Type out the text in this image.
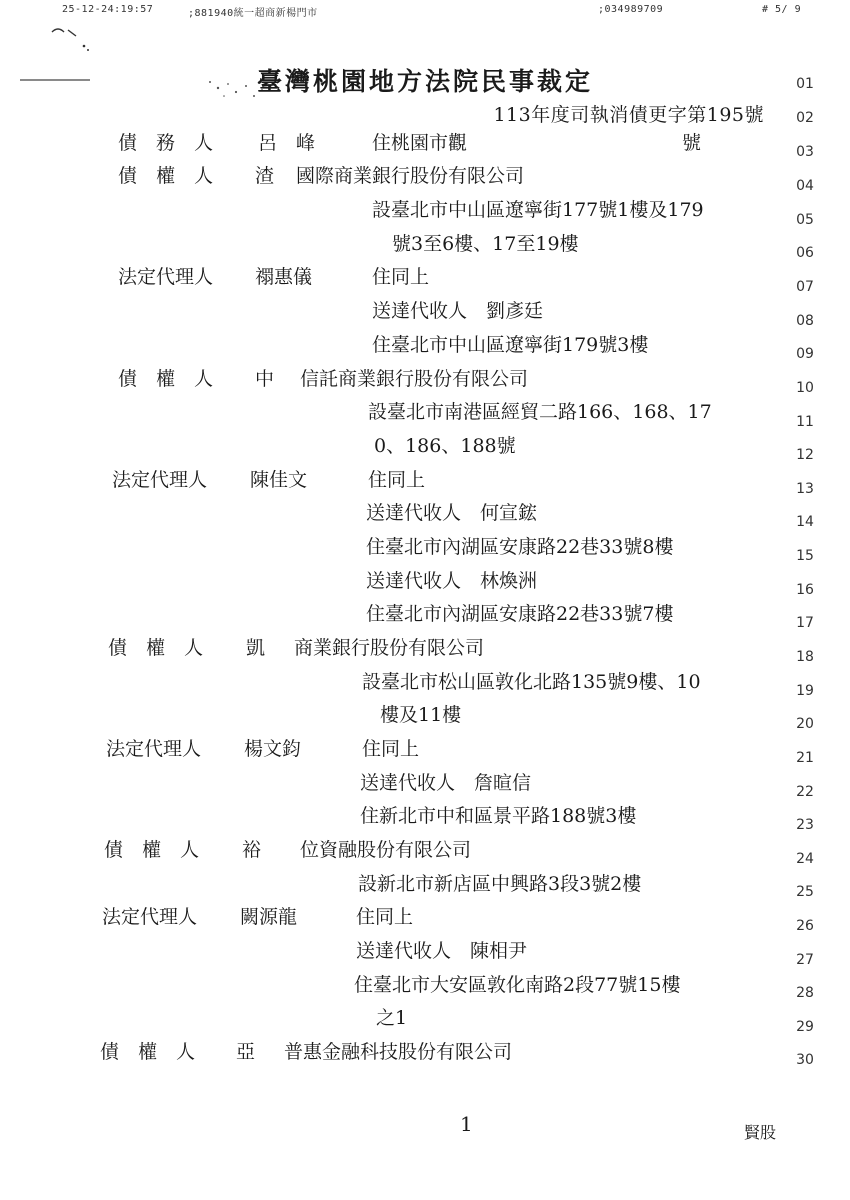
25-12-24:19:57	;881940統一超商新楊門市	;034989709	# 5/ 9
臺灣桃園地方法院民事裁定
113年度司執消債更字第195號
01
02
03
04
05
06
07
08
09
10
11
12
13
14
15
16
17
18
19
20
21
22
23
24
25
26
27
28
29
30
債　務　人 呂　峰	住桃園市觀	號
債　權　人 渣 國際商業銀行股份有限公司
設臺北市中山區遼寧街177號1樓及179
號3至6樓、17至19樓
法定代理人 禤惠儀	住同上
送達代收人　劉彥廷
住臺北市中山區遼寧街179號3樓
債　權　人 中 信託商業銀行股份有限公司
設臺北市南港區經貿二路166、168、17
0、186、188號
法定代理人 陳佳文	住同上
送達代收人　何宣鋐
住臺北市內湖區安康路22巷33號8樓
送達代收人　林煥洲
住臺北市內湖區安康路22巷33號7樓
債　權　人 凱 商業銀行股份有限公司
設臺北市松山區敦化北路135號9樓、10
樓及11樓
法定代理人 楊文鈞	住同上
送達代收人　詹暄信
住新北市中和區景平路188號3樓
債　權　人 裕 位資融股份有限公司
設新北市新店區中興路3段3號2樓
法定代理人 闕源龍	住同上
送達代收人　陳相尹
住臺北市大安區敦化南路2段77號15樓
之1
債　權　人 亞 普惠金融科技股份有限公司
1	賢股
